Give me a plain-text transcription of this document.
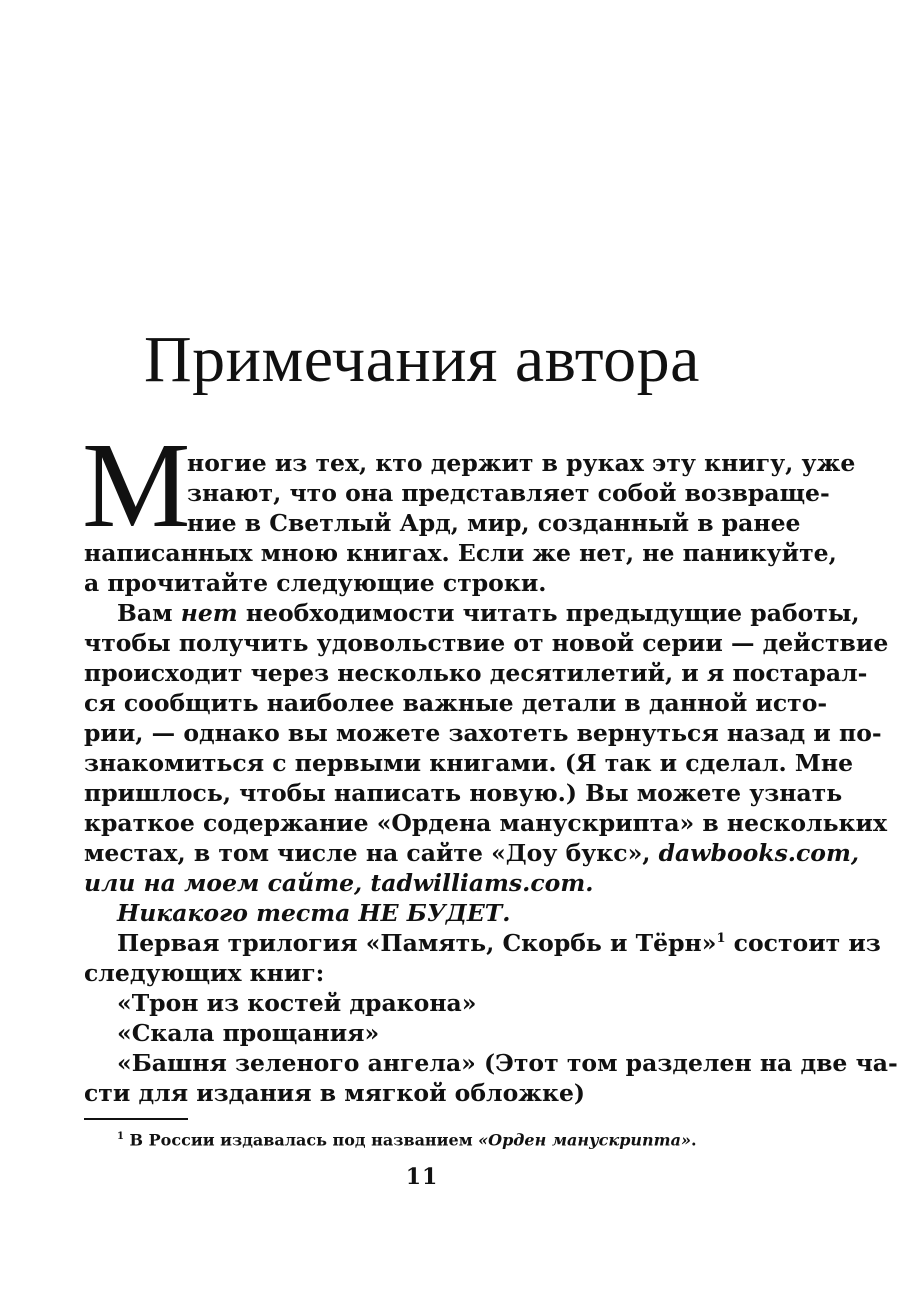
Примечания автора
М
ногие из тех, кто держит в руках эту книгу, уже
знают, что она представляет собой возвраще-
ние в Светлый Ард, мир, созданный в ранее
написанных мною книгах. Если же нет, не паникуйте,
а прочитайте следующие строки.
Вам нет необходимости читать предыдущие работы,
чтобы получить удовольствие от новой серии — действие
происходит через несколько десятилетий, и я постарал-
ся сообщить наиболее важные детали в данной исто-
рии, — однако вы можете захотеть вернуться назад и по-
знакомиться с первыми книгами. (Я так и сделал. Мне
пришлось, чтобы написать новую.) Вы можете узнать
краткое содержание «Ордена манускрипта» в нескольких
местах, в том числе на сайте «Доу букс», dawbooks.com,
или на моем сайте, tadwilliams.com.
Никакого теста НЕ БУДЕТ.
Первая трилогия «Память, Скорбь и Тёрн»$^1$ состоит из
следующих книг:
«Трон из костей дракона»
«Скала прощания»
«Башня зеленого ангела» (Этот том разделен на две ча-
сти для издания в мягкой обложке)
$^1$ В России издавалась под названием «Орден манускрипта».
11
